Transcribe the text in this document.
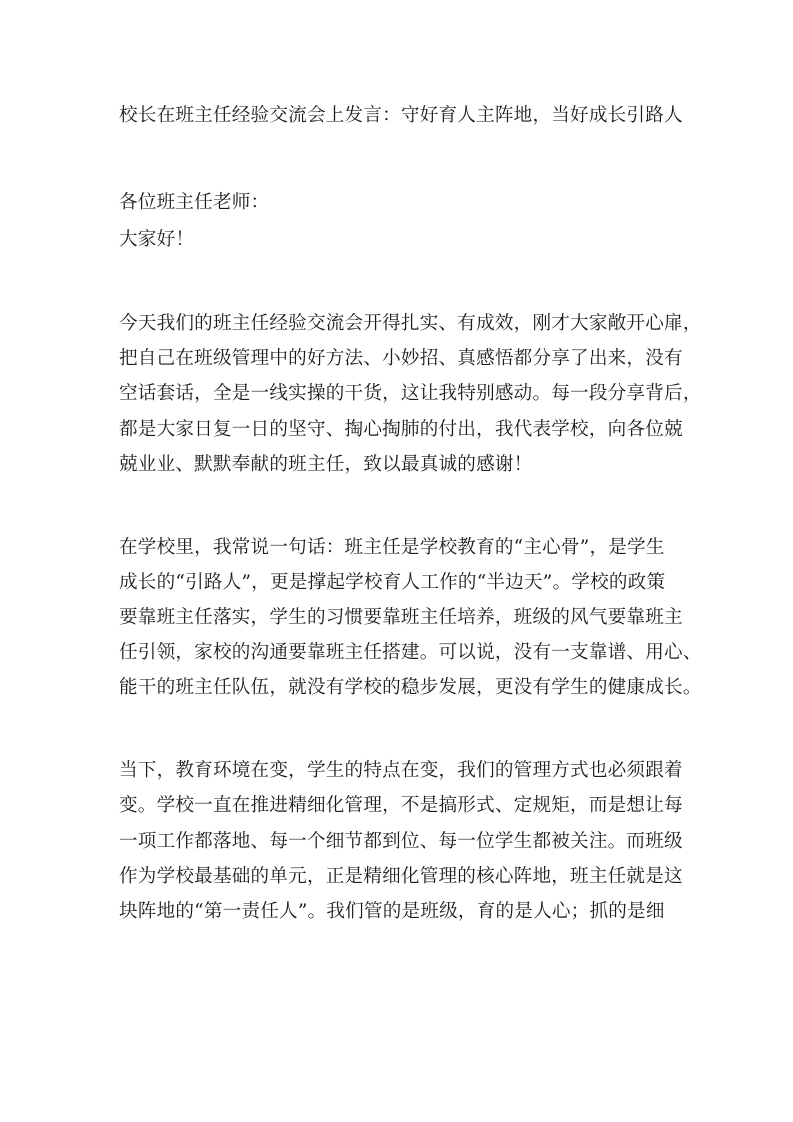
校长在班主任经验交流会上发言：守好育人主阵地，当好成长引路人
各位班主任老师：
大家好！
今天我们的班主任经验交流会开得扎实、有成效，刚才大家敞开心扉，
把自己在班级管理中的好方法、小妙招、真感悟都分享了出来，没有
空话套话，全是一线实操的干货，这让我特别感动。每一段分享背后，
都是大家日复一日的坚守、掏心掏肺的付出，我代表学校，向各位兢
兢业业、默默奉献的班主任，致以最真诚的感谢！
在学校里，我常说一句话：班主任是学校教育的“主心骨”，是学生
成长的“引路人”，更是撑起学校育人工作的“半边天”。学校的政策
要靠班主任落实，学生的习惯要靠班主任培养，班级的风气要靠班主
任引领，家校的沟通要靠班主任搭建。可以说，没有一支靠谱、用心、
能干的班主任队伍，就没有学校的稳步发展，更没有学生的健康成长。
当下，教育环境在变，学生的特点在变，我们的管理方式也必须跟着
变。学校一直在推进精细化管理，不是搞形式、定规矩，而是想让每
一项工作都落地、每一个细节都到位、每一位学生都被关注。而班级
作为学校最基础的单元，正是精细化管理的核心阵地，班主任就是这
块阵地的“第一责任人”。我们管的是班级，育的是人心；抓的是细
